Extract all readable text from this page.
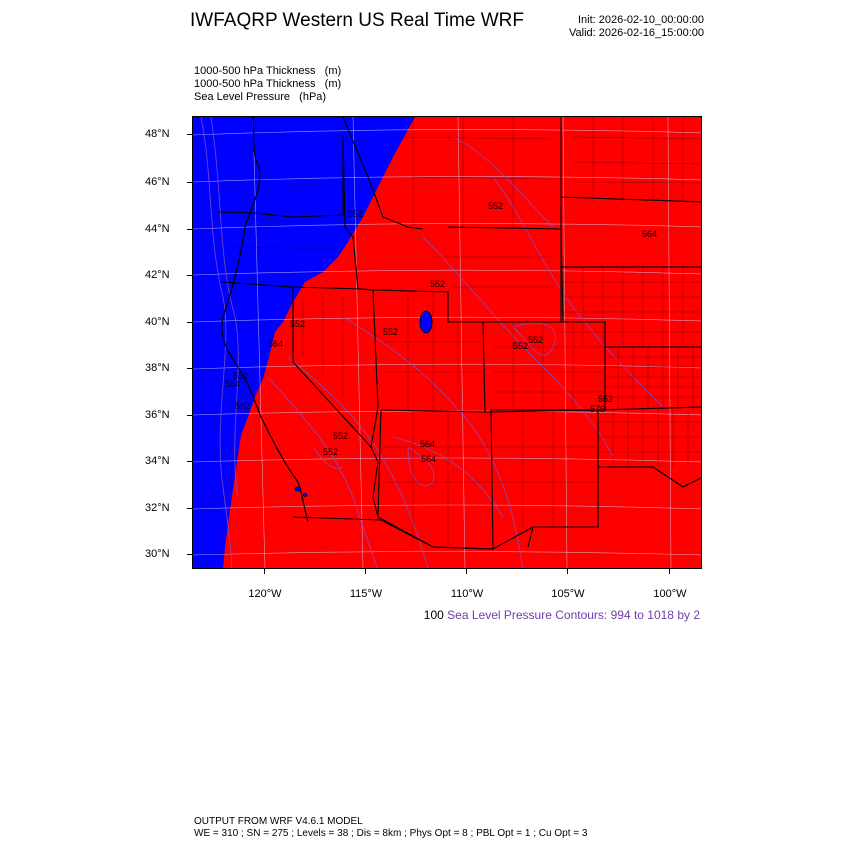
IWFAQRP Western US Real Time WRF	Init: 2026-02-10_00:00:00
Valid: 2026-02-16_15:00:00
1000-500 hPa Thickness   (m)
1000-500 hPa Thickness   (m)
Sea Level Pressure   (hPa)
552
552
564
552
552
552
564	552
552
552
576
552
564
564
552
552
552
564
48°N
46°N
44°N
42°N
40°N
38°N
36°N
34°N
32°N
30°N
120°W	115°W	110°W	105°W	100°W
100 Sea Level Pressure Contours: 994 to 1018 by 2
OUTPUT FROM WRF V4.6.1 MODEL
WE = 310 ; SN = 275 ; Levels = 38 ; Dis = 8km ; Phys Opt = 8 ; PBL Opt = 1 ; Cu Opt = 3
